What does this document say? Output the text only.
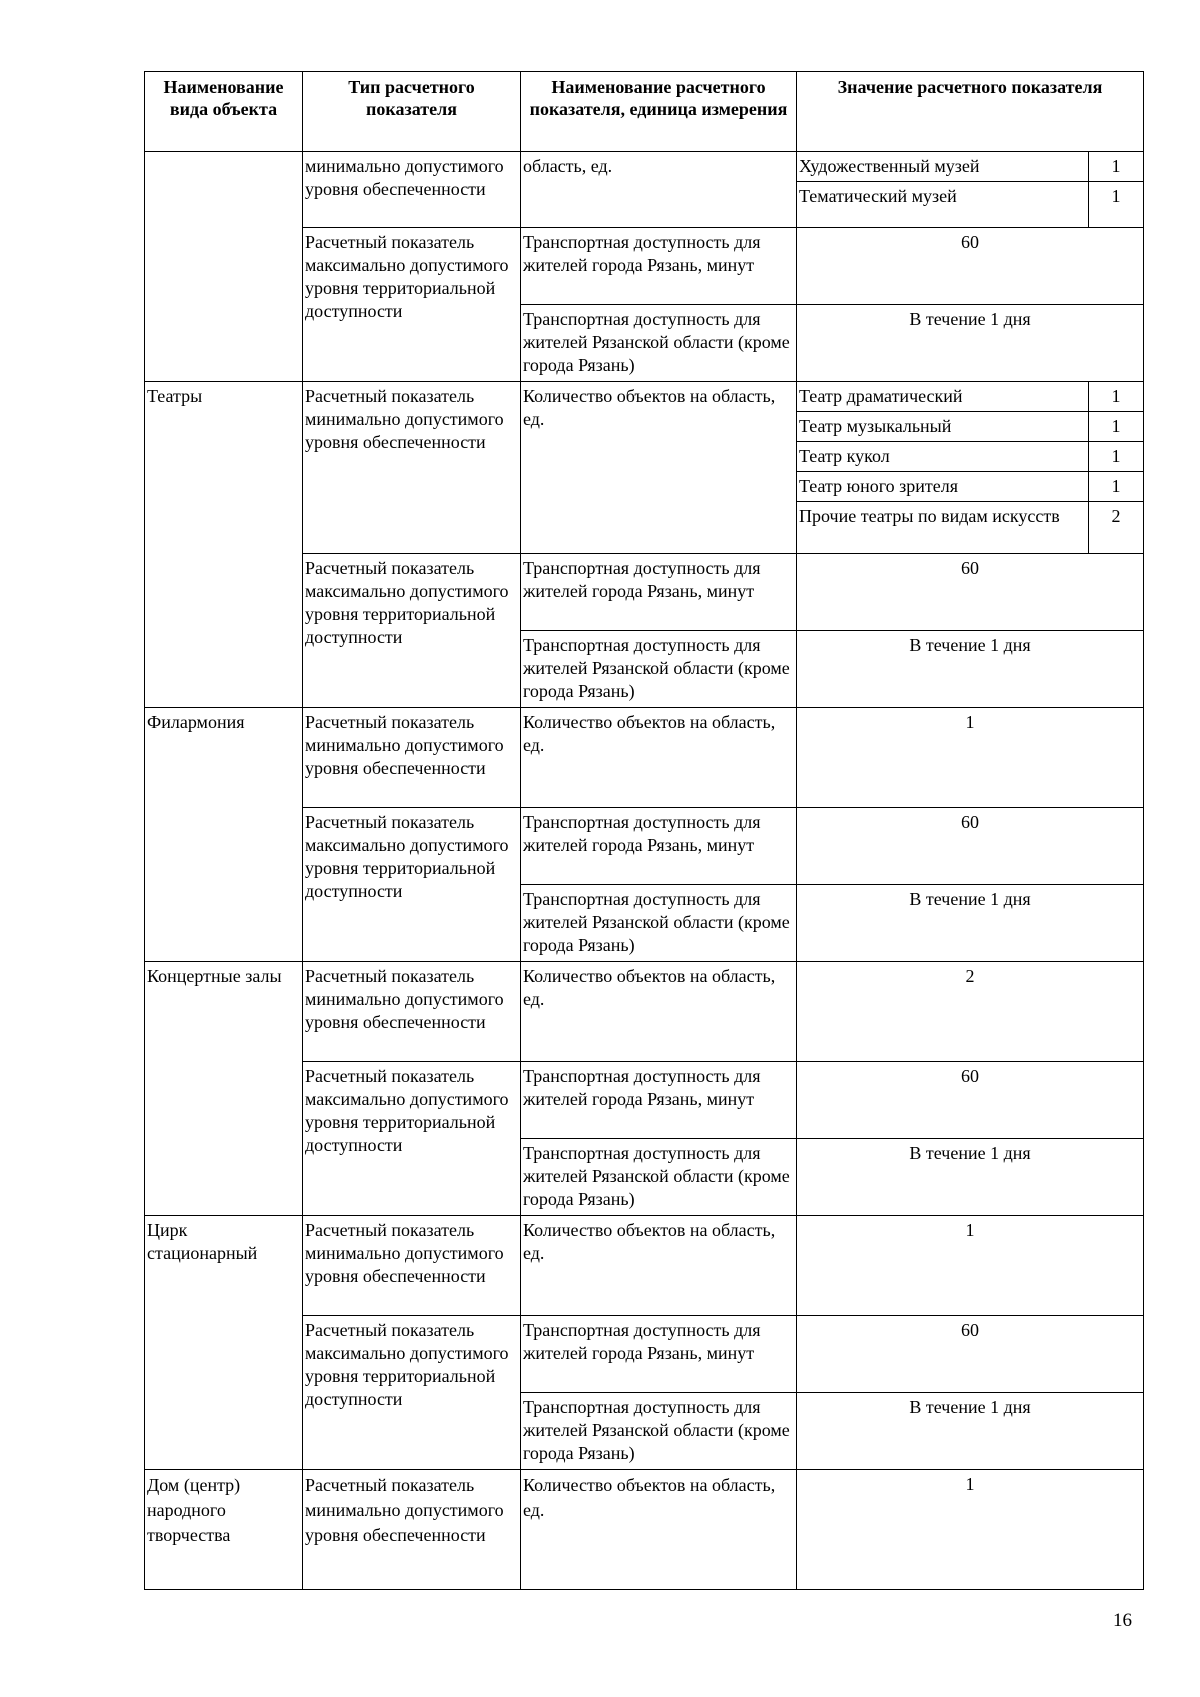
Наименование вида объекта	Тип расчетного показателя	Наименование расчетного показателя, единица измерения	Значение расчетного показателя	
	минимально допустимого уровня обеспеченности	область, ед.	Художественный музей	1
			Тематический музей	1
	Расчетный показатель максимально допустимого уровня территориальной доступности	Транспортная доступность для жителей города Рязань, минут	60	
		Транспортная доступность для жителей Рязанской области (кроме города Рязань)	В течение 1 дня	

Театры	Расчетный показатель минимально допустимого уровня обеспеченности	Количество объектов на область, ед.	Театр драматический	1
			Театр музыкальный	1
			Театр кукол	1
			Театр юного зрителя	1
			Прочие театры по видам искусств	2
	Расчетный показатель максимально допустимого уровня территориальной доступности	Транспортная доступность для жителей города Рязань, минут	60	
		Транспортная доступность для жителей Рязанской области (кроме города Рязань)	В течение 1 дня	
Филармония	Расчетный показатель минимально допустимого уровня обеспеченности	Количество объектов на область, ед.	1	
	Расчетный показатель максимально допустимого уровня территориальной доступности	Транспортная доступность для жителей города Рязань, минут	60	
		Транспортная доступность для жителей Рязанской области (кроме города Рязань)	В течение 1 дня	
Концертные залы	Расчетный показатель минимально допустимого уровня обеспеченности	Количество объектов на область, ед.	2	
	Расчетный показатель максимально допустимого уровня территориальной доступности	Транспортная доступность для жителей города Рязань, минут	60	
		Транспортная доступность для жителей Рязанской области (кроме города Рязань)	В течение 1 дня	
Цирк стационарный	Расчетный показатель минимально допустимого уровня обеспеченности	Количество объектов на область, ед.	1	
	Расчетный показатель максимально допустимого уровня территориальной доступности	Транспортная доступность для жителей города Рязань, минут	60	
		Транспортная доступность для жителей Рязанской области (кроме города Рязань)	В течение 1 дня	
Дом (центр) народного творчества	Расчетный показатель минимально допустимого уровня обеспеченности	Количество объектов на область, ед.	1	
16
